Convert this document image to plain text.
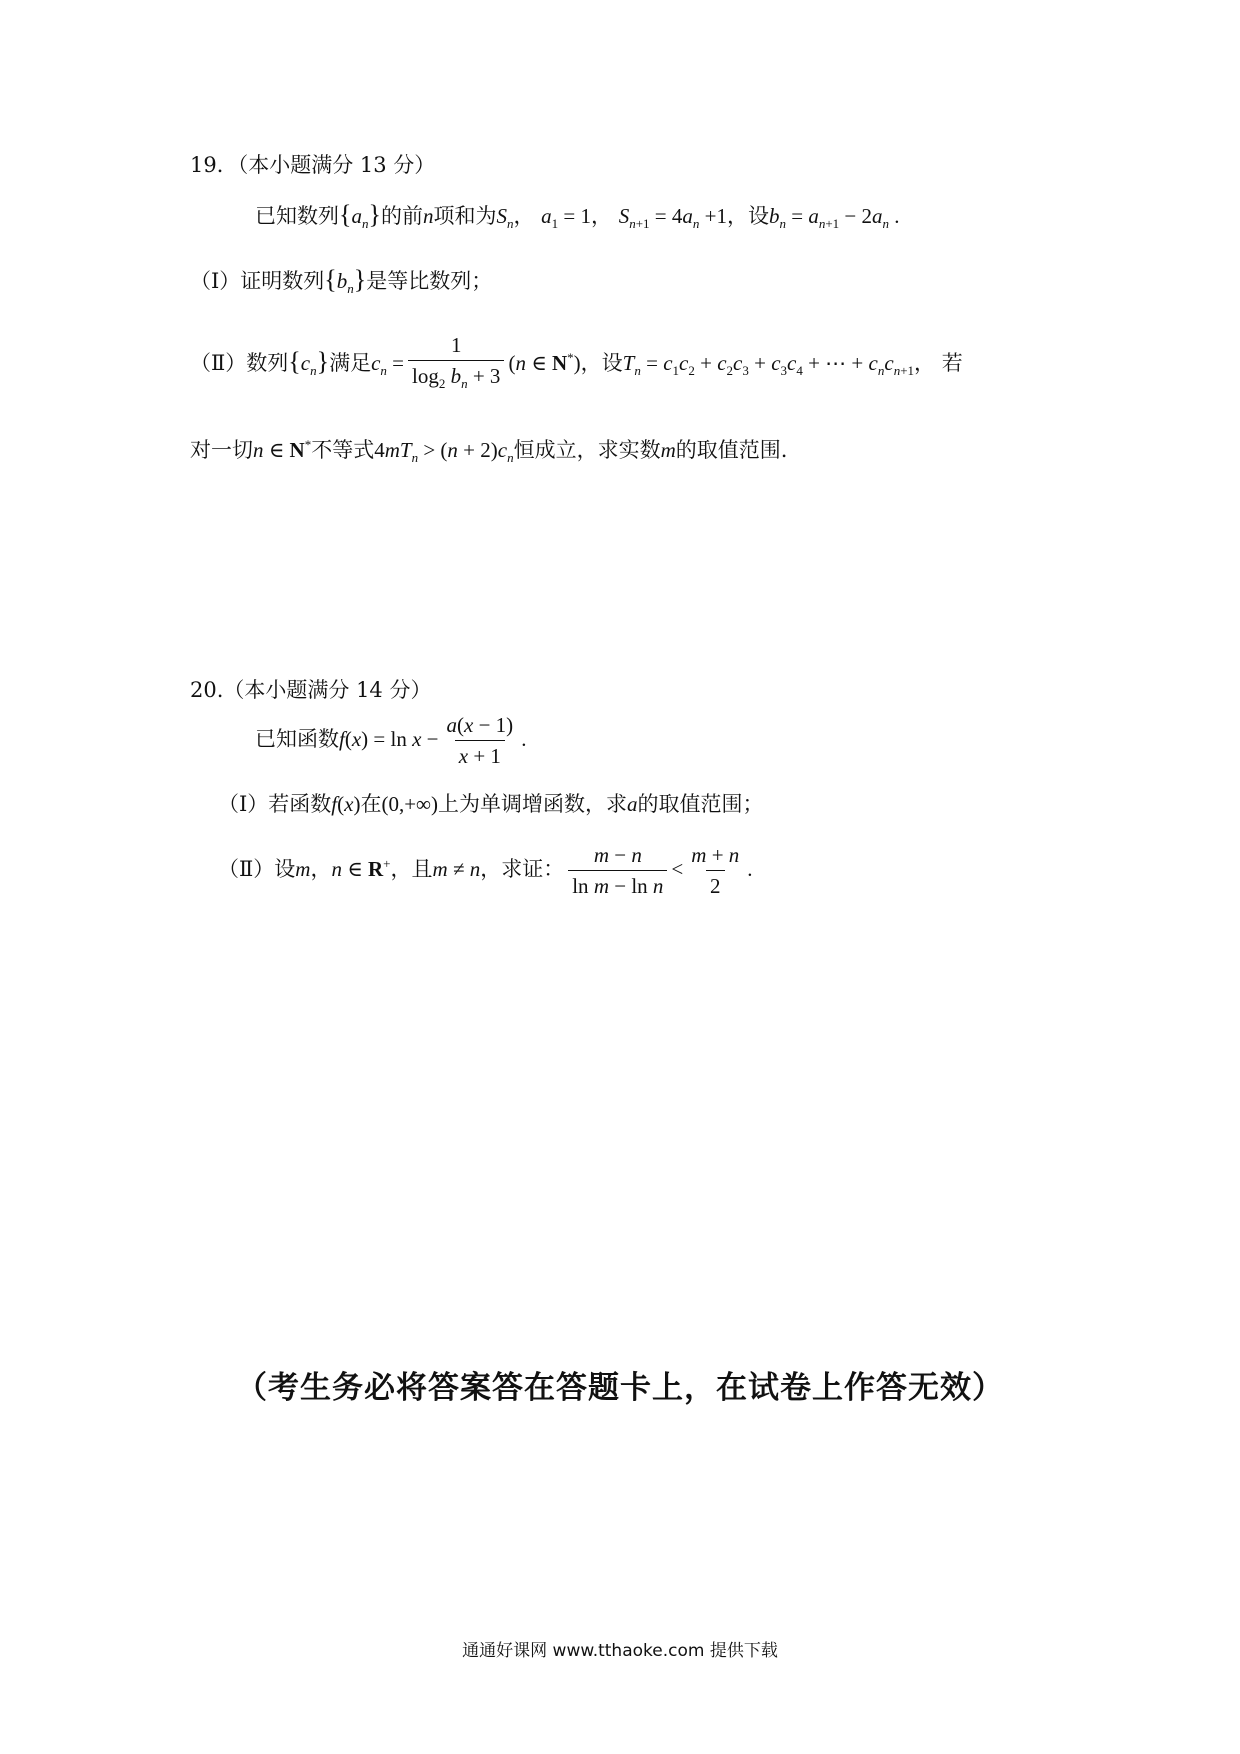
19．（本小题满分 13 分）
已知数列$\{a_n\}$的前n项和为$S_n$， $a_1 = 1$， $S_{n+1} = 4a_n +1$，设$b_n = a_{n+1} - 2a_n$ .
（Ⅰ）证明数列$\{b_n\}$是等比数列；
（Ⅱ）数列$\{c_n\}$满足$c_n = \frac{1}{\log_2 b_n + 3} (n$ ∈ N*)，设$T_n = c_1c_2 + c_2c_3 + c_3c_4$ + ⋯ + $c_nc_{n+1}$， 若
对一切n ∈ N*不等式$4mT_n > (n + 2)c_n$恒成立，求实数m的取值范围.
20.（本小题满分 14 分）
已知函数$f(x) = \ln x - \frac{a(x - 1)}{x + 1}$ .
（Ⅰ）若函数f(x)在(0,+∞)上为单调增函数，求a的取值范围；
（Ⅱ）设m，n ∈ R+，且m ≠ n，求证： $\frac{m - n}{\text{ln m − ln n}} < \frac{m + n}{2}$ .
（考生务必将答案答在答题卡上，在试卷上作答无效）
通通好课网 www.tthaoke.com 提供下载
